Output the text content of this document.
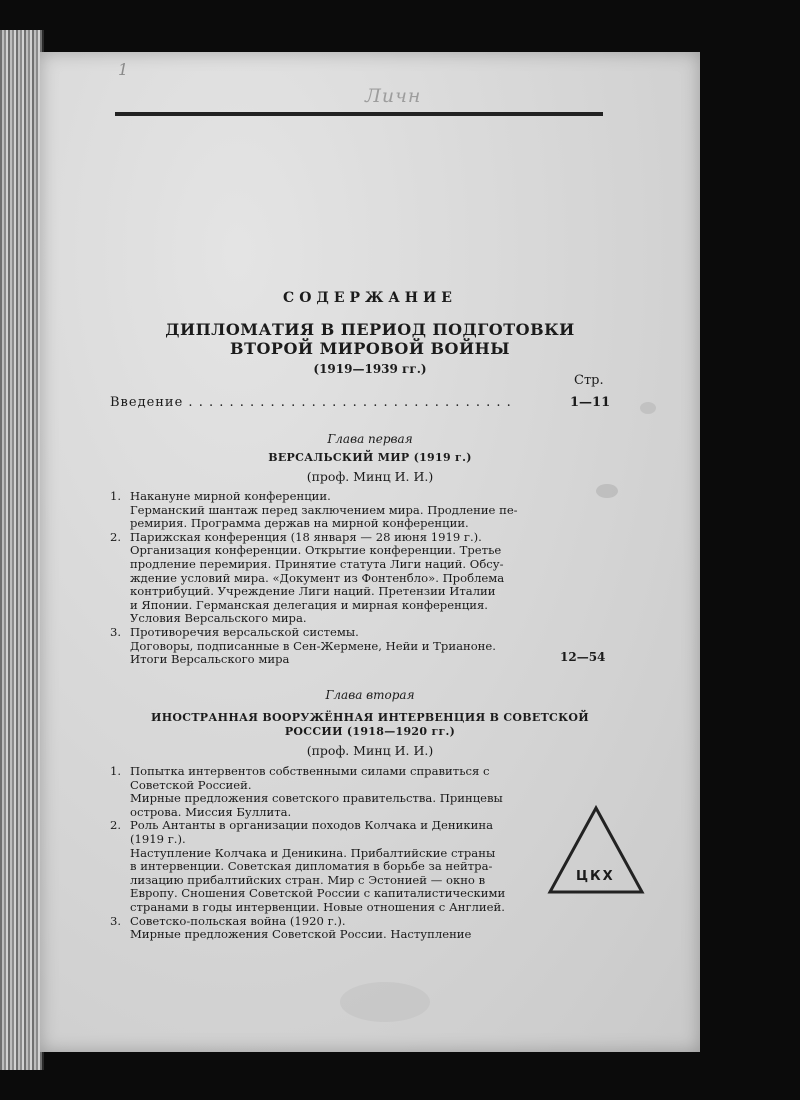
1
Личн
СОДЕРЖАНИЕ
ДИПЛОМАТИЯ В ПЕРИОД ПОДГОТОВКИ
ВТОРОЙ МИРОВОЙ ВОЙНЫ
(1919—1939 гг.)
Стр.
Введение . . . . . . . . . . . . . . . . . . . . . . . . . . . . . . . .	1—11
Глава первая
ВЕРСАЛЬСКИЙ МИР (1919 г.)
(проф. Минц И. И.)
1. Накануне мирной конференции.
Германский шантаж перед заключением мира. Продление пе-
ремирия. Программа держав на мирной конференции.
2. Парижская конференция (18 января — 28 июня 1919 г.).
Организация конференции. Открытие конференции. Третье
продление перемирия. Принятие статута Лиги наций. Обсу-
ждение условий мира. «Документ из Фонтенбло». Проблема
контрибуций. Учреждение Лиги наций. Претензии Италии
и Японии. Германская делегация и мирная конференция.
Условия Версальского мира.
3. Противоречия версальской системы.
Договоры, подписанные в Сен-Жермене, Нейи и Трианоне.
Итоги Версальского мира	12—54
Глава вторая
ИНОСТРАННАЯ ВООРУЖЁННАЯ ИНТЕРВЕНЦИЯ В СОВЕТСКОЙ
РОССИИ (1918—1920 гг.)
(проф. Минц И. И.)
1. Попытка интервентов собственными силами справиться с
Советской Россией.
Мирные предложения советского правительства. Принцевы
острова. Миссия Буллита.
2. Роль Антанты в организации походов Колчака и Деникина
(1919 г.).
Наступление Колчака и Деникина. Прибалтийские страны
в интервенции. Советская дипломатия в борьбе за нейтра-
лизацию прибалтийских стран. Мир с Эстонией — окно в
Европу. Сношения Советской России с капиталистическими
странами в годы интервенции. Новые отношения с Англией.
3. Советско-польская война (1920 г.).
Мирные предложения Советской России. Наступление
ЦКХ
